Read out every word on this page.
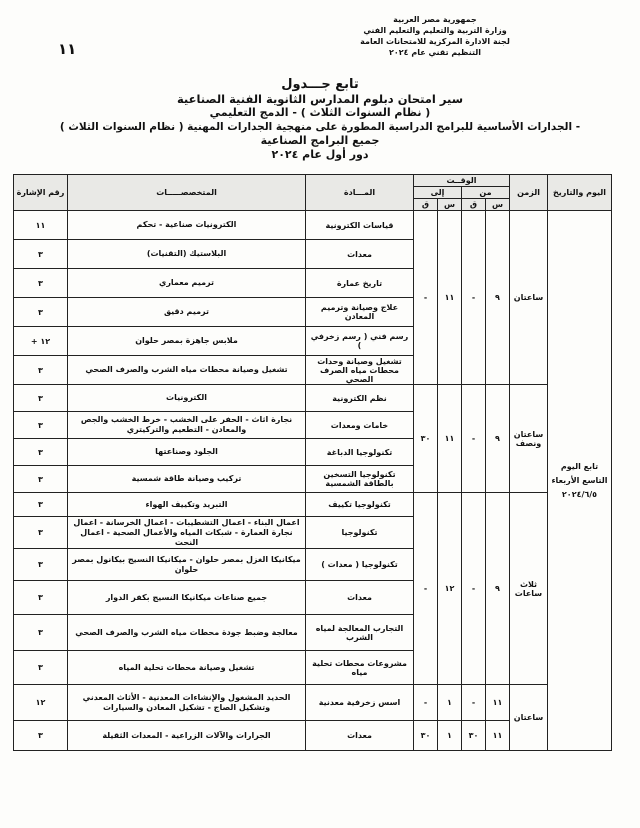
١١
جمهورية مصر العربية
وزارة التربية والتعليم والتعليم الفني
لجنة الادارة المركزية للامتحانات العامة
التنظيم تقني عام ٢٠٢٤
تابع جـــدول
سير امتحان دبلوم المدارس الثانوية الفنية الصناعية
( نظام السنوات الثلاث ) - الدمج التعليمي
- الجدارات الأساسية للبرامج الدراسية المطورة على منهجية الجدارات المهنية ( نظام السنوات الثلاث )
جميع البرامج الصناعية
دور أول عام ٢٠٢٤
اليوم والتاريخ	الزمن	الوقــت				المـــادة	المتخصصـــــات	رقم الإشارة
		من		إلى				
		س	ق	س	ق			
تابع اليوم التاسع الأربعاء ٢٠٢٤/٦/٥	ساعتان	٩	-	١١	-	قياسات الكترونية	الكترونيات صناعية - تحكم	١١
						معدات	البلاستيك (التقنيات)	٣
						تاريخ عمارة	ترميم معماري	٣
						علاج وصيانة وترميم المعادن	ترميم دقيق	٣
						رسم فني ( رسم زخرفي )	ملابس جاهزة بمصر حلوان	١٢ +
						تشغيل وصيانة وحدات محطات مياه الصرف الصحي	تشغيل وصيانة محطات مياه الشرب والصرف الصحي	٣
	ساعتان ونصف	٩	-	١١	٣٠	نظم الكترونية	الكترونيات	٣
						خامات ومعدات	نجارة اثاث - الحفر على الخشب - خرط الخشب والجص والمعادن - التطعيم والتركيتري	٣
						تكنولوجيا الدباغة	الجلود وصناعتها	٣
						تكنولوجيا التسخين بالطاقة الشمسية	تركيب وصيانة طاقة شمسية	٣
	ثلاث ساعات	٩	-	١٢	-	تكنولوجيا تكييف	التبريد وتكييف الهواء	٣
						تكنولوجيا	اعمال البناء - اعمال التشطيبات - اعمال الخرسانة - اعمال نجارة العمارة - شبكات المياه والأعمال الصحية - اعمال النحت	٣
						تكنولوجيا ( معدات )	ميكانيكا الغزل بمصر حلوان - ميكانيكا النسيج بيكانول بمصر حلوان	٣
						معدات	جميع صناعات ميكانيكا النسيج بكفر الدوار	٣
						التجارب المعالجة لمياه الشرب	معالجة وضبط جودة محطات مياه الشرب والصرف الصحي	٣
						مشروعات محطات تحلية مياه	تشغيل وصيانة محطات تحلية المياه	٣
	ساعتان	١١	-	١	-	اسس زخرفية معدنية	الحديد المشغول والإنشاءات المعدنية - الأثاث المعدني وتشكيل الصاج - تشكيل المعادن والسيارات	١٢
		١١	٣٠	١	٣٠	معدات	الجرارات والآلات الزراعية - المعدات الثقيلة	٣
